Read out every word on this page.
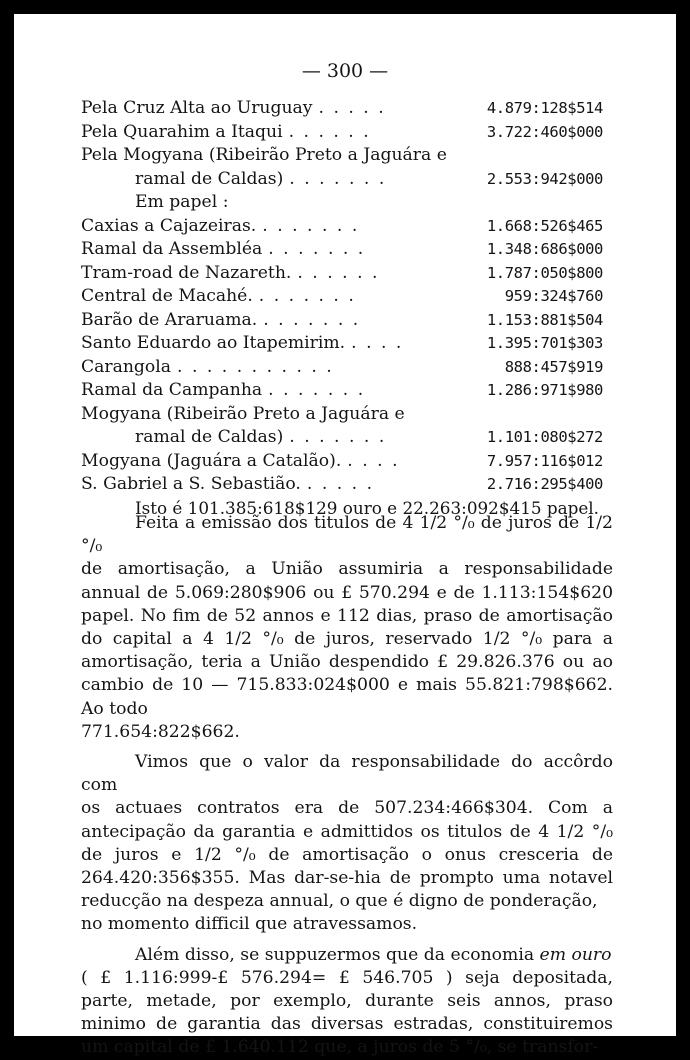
— 300 —
Pela Cruz Alta ao Uruguay . . . . .	4.879:128$514
Pela Quarahim a Itaqui . . . . . .	3.722:460$000
Pela Mogyana (Ribeirão Preto a Jaguára e
ramal de Caldas) . . . . . . .	2.553:942$000
Em papel :
Caxias a Cajazeiras. . . . . . . .	1.668:526$465
Ramal da Assembléa . . . . . . .	1.348:686$000
Tram-road de Nazareth. . . . . . .	1.787:050$800
Central de Macahé. . . . . . . .	959:324$760
Barão de Araruama. . . . . . . .	1.153:881$504
Santo Eduardo ao Itapemirim. . . . .	1.395:701$303
Carangola . . . . . . . . . . .	888:457$919
Ramal da Campanha . . . . . . .	1.286:971$980
Mogyana (Ribeirão Preto a Jaguára e
ramal de Caldas) . . . . . . .	1.101:080$272
Mogyana (Jaguára a Catalão). . . . .	7.957:116$012
S. Gabriel a S. Sebastião. . . . . .	2.716:295$400
Isto é 101.385:618$129 ouro e 22.263:092$415 papel.
Feita a emissão dos titulos de 4 1/2 °/₀ de juros de 1/2 °/₀
de amortisação, a União assumiria a responsabilidade annual de 5.069:280$906 ou £ 570.294 e de 1.113:154$620 papel. No fim de 52 annos e 112 dias, praso de amortisação do capital a 4 1/2 °/₀ de juros, reservado 1/2 °/₀ para a amortisação, teria a União despendido £ 29.826.376 ou ao cambio de 10 — 715.833:024$000 e mais 55.821:798$662. Ao todo
771.654:822$662.
Vimos que o valor da responsabilidade do accôrdo com
os actuaes contratos era de 507.234:466$304. Com a antecipação da garantia e admittidos os titulos de 4 1/2 °/₀ de juros e 1/2 °/₀ de amortisação o onus cresceria de 264.420:356$355. Mas dar-se-hia de prompto uma notavel reducção na despeza annual, o que é digno de ponderação,
no momento difficil que atravessamos.
Além disso, se suppuzermos que da economia em ouro
( £ 1.116:999-£ 576.294= £ 546.705 ) seja depositada, parte, metade, por exemplo, durante seis annos, praso minimo de garantia das diversas estradas, constituiremos um capital de £ 1.640.112 que, a juros de 5 °/₀, se transfor-
